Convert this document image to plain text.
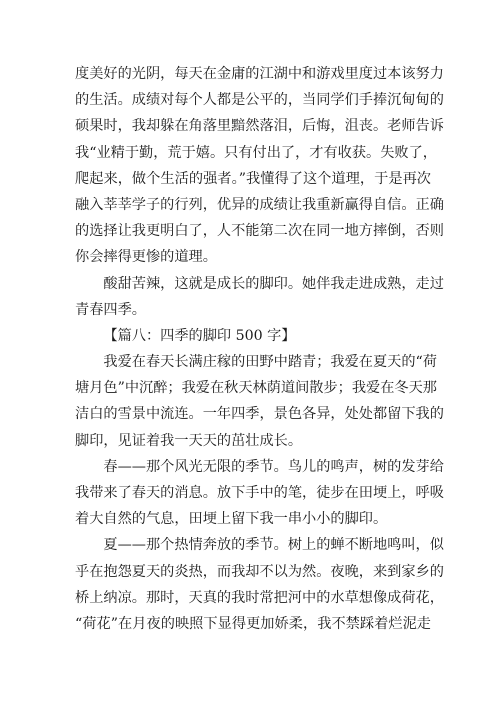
度美好的光阴，每天在金庸的江湖中和游戏里度过本该努力
的生活。成绩对每个人都是公平的，当同学们手捧沉甸甸的
硕果时，我却躲在角落里黯然落泪，后悔，沮丧。老师告诉
我“业精于勤，荒于嬉。只有付出了，才有收获。失败了，
爬起来，做个生活的强者。”我懂得了这个道理，于是再次
融入莘莘学子的行列，优异的成绩让我重新赢得自信。正确
的选择让我更明白了，人不能第二次在同一地方摔倒，否则
你会摔得更惨的道理。
酸甜苦辣，这就是成长的脚印。她伴我走进成熟，走过
青春四季。
【篇八：四季的脚印 500 字】
我爱在春天长满庄稼的田野中踏青；我爱在夏天的“荷
塘月色”中沉醉；我爱在秋天林荫道间散步；我爱在冬天那
洁白的雪景中流连。一年四季，景色各异，处处都留下我的
脚印，见证着我一天天的茁壮成长。
春——那个风光无限的季节。鸟儿的鸣声，树的发芽给
我带来了春天的消息。放下手中的笔，徒步在田埂上，呼吸
着大自然的气息，田埂上留下我一串小小的脚印。
夏——那个热情奔放的季节。树上的蝉不断地鸣叫，似
乎在抱怨夏天的炎热，而我却不以为然。夜晚，来到家乡的
桥上纳凉。那时，天真的我时常把河中的水草想像成荷花，
“荷花”在月夜的映照下显得更加娇柔，我不禁踩着烂泥走
